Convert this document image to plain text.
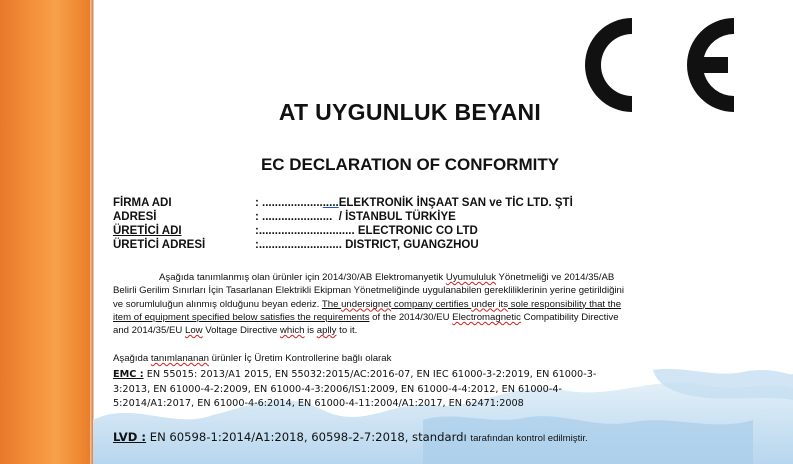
AT UYGUNLUK BEYANI
EC DECLARATION OF CONFORMITY
FİRMA ADI	: ........................ELEKTRONİK İNŞAAT SAN ve TİC LTD. ŞTİ
ADRESİ	: ......................  / İSTANBUL TÜRKİYE
ÜRETİCİ ADI	:.............................. ELECTRONIC CO LTD
ÜRETİCİ ADRESİ	:.......................... DISTRICT, GUANGZHOU

Aşağıda tanımlanmış olan ürünler için 2014/30/AB Elektromanyetik Uyumululuk Yönetmeliği ve 2014/35/AB

Belirli Gerilim Sınırları İçin Tasarlanan Elektrikli Ekipman Yönetmeliğinde uygulanabilen gerekliliklerinin yerine getirildiğini

ve sorumluluğun alınmış olduğunu beyan ederiz. The undersignet company certifies under its sole responsibility that the

item of equipment specified below satisfies the requirements of the 2014/30/EU Electromagnetic Compatibility Directive

and 2014/35/EU Low Voltage Directive which is aplly to it.

Aşağıda tanımlananan ürünler İç Üretim Kontrollerine bağlı olarak
EMC : EN 55015: 2013/A1 2015, EN 55032:2015/AC:2016-07, EN IEC 61000-3-2:2019, EN 61000-3-
3:2013, EN 61000-4-2:2009, EN 61000-4-3:2006/IS1:2009, EN 61000-4-4:2012, EN 61000-4-
5:2014/A1:2017, EN 61000-4-6:2014, EN 61000-4-11:2004/A1:2017, EN 62471:2008
LVD : EN 60598-1:2014/A1:2018, 60598-2-7:2018, standardı tarafından kontrol edilmiştir.
